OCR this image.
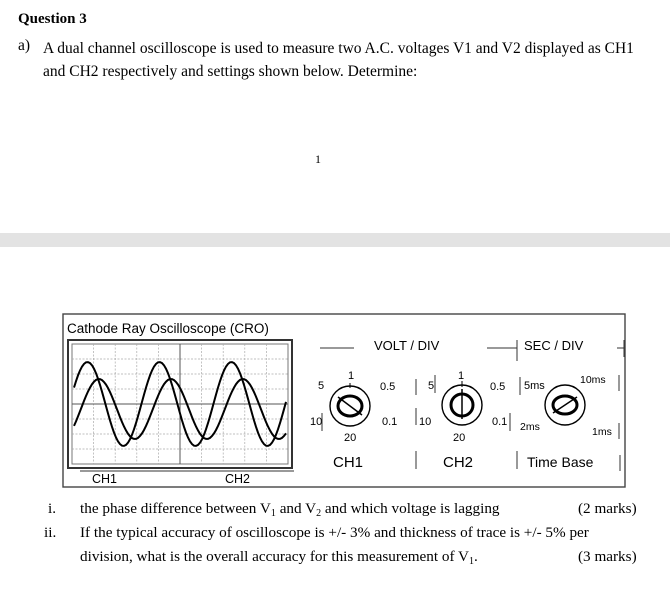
Question 3
a) A dual channel oscilloscope is used to measure two A.C. voltages V1 and V2 displayed as CH1 and CH2 respectively and settings shown below. Determine:
1
Cathode Ray Oscilloscope (CRO)
CH1	CH2
VOLT / DIV	SEC / DIV
5
1
0.5
10	0.1
20
CH1
5
1
0.5
10	0.1
20
CH2
5ms	10ms
2ms	1ms
Time Base
i. the phase difference between $V_1$ and $V_2$ and which voltage is lagging	(2 marks)
ii. If the typical accuracy of oscilloscope is +/- 3% and thickness of trace is +/- 5% per
division, what is the overall accuracy for this measurement of $V_1$.	(3 marks)
